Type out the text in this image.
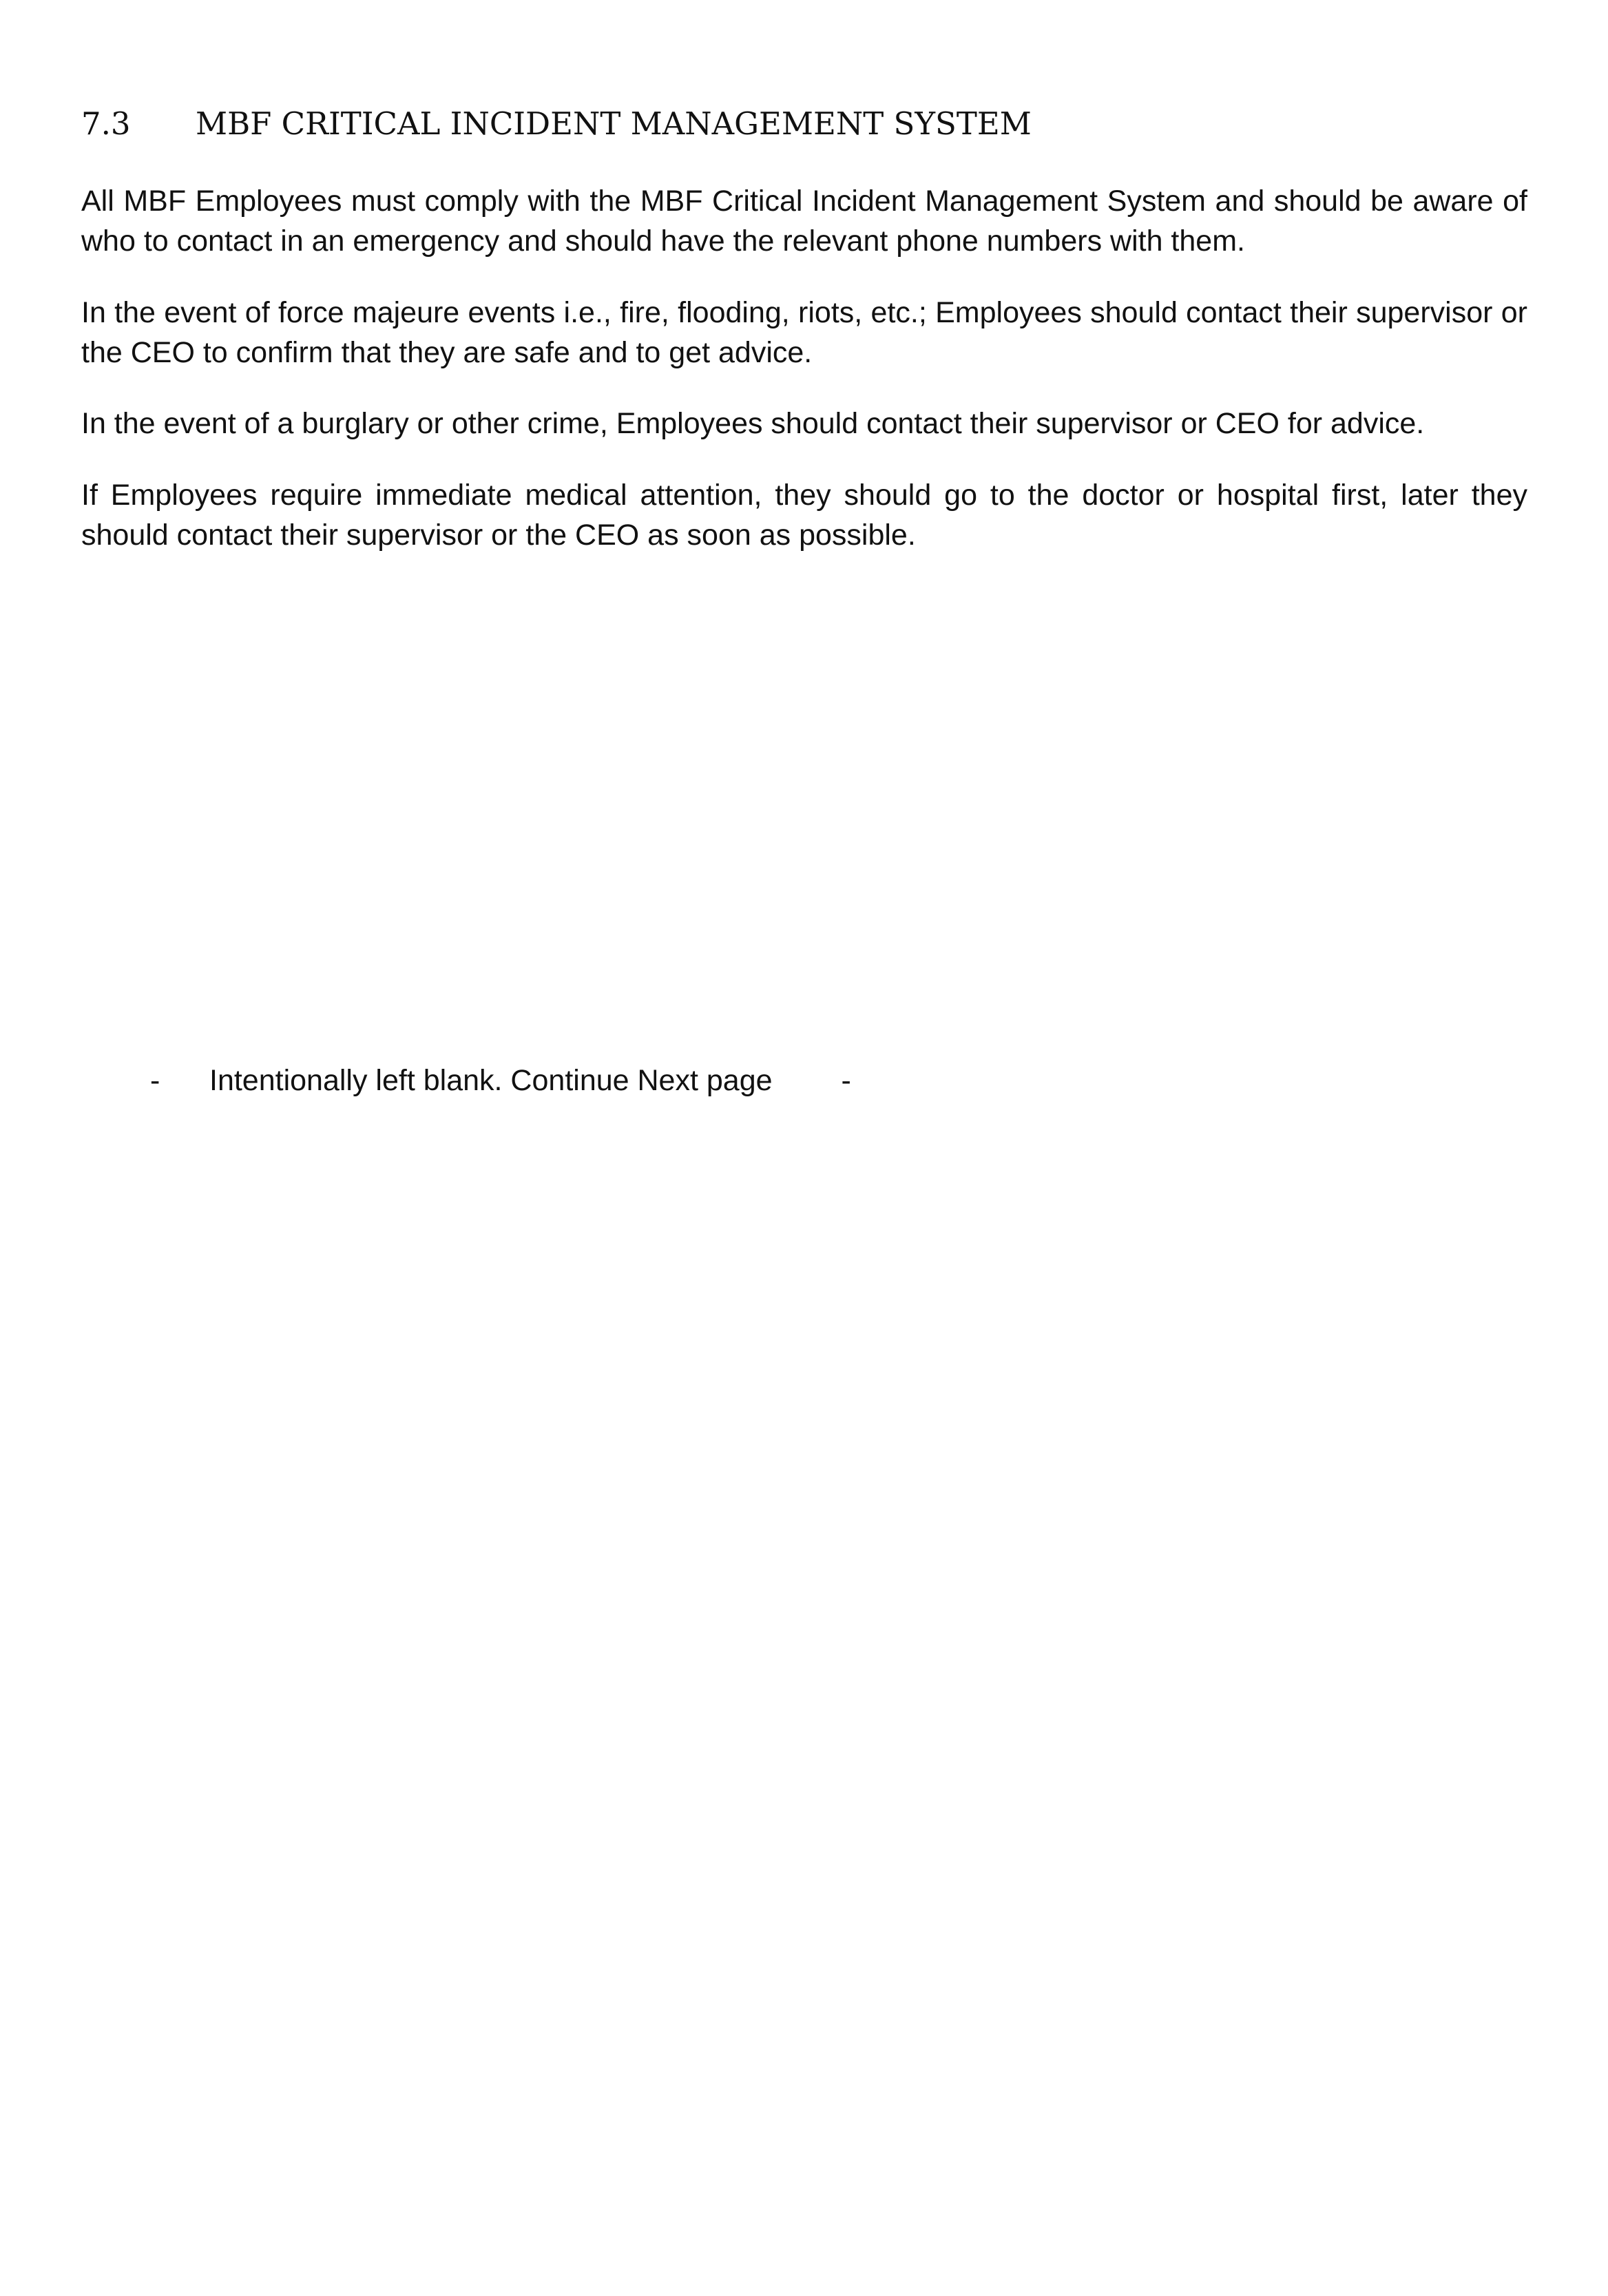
7.3 MBF CRITICAL INCIDENT MANAGEMENT SYSTEM

All MBF Employees must comply with the MBF Critical Incident Management System and should be aware of who to contact in an emergency and should have the relevant phone numbers with them.

In the event of force majeure events i.e., fire, flooding, riots, etc.; Employees should contact their supervisor or the CEO to confirm that they are safe and to get advice.

In the event of a burglary or other crime, Employees should contact their supervisor or CEO for advice.

If Employees require immediate medical attention, they should go to the doctor or hospital first, later they should contact their supervisor or the CEO as soon as possible.

- Intentionally left blank. Continue Next page -
